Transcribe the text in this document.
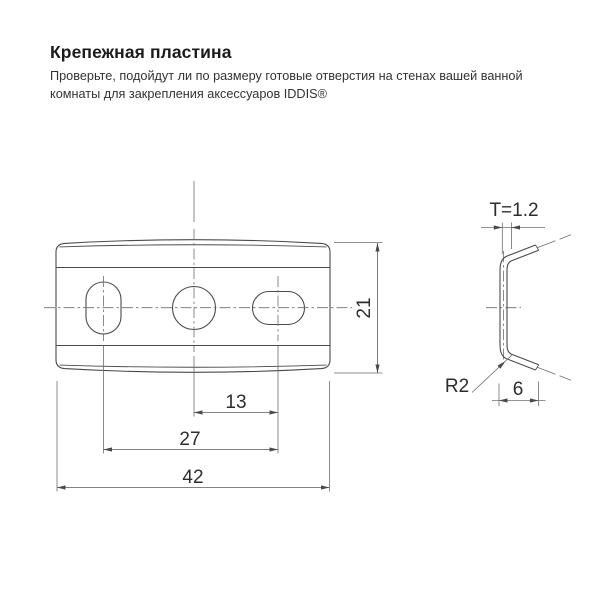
Крепежная пластина
Проверьте, подойдут ли по размеру готовые отверстия на стенах вашей ванной комнаты для закрепления аксессуаров IDDIS®
13
27
42
21
T=1.2
R2 6
